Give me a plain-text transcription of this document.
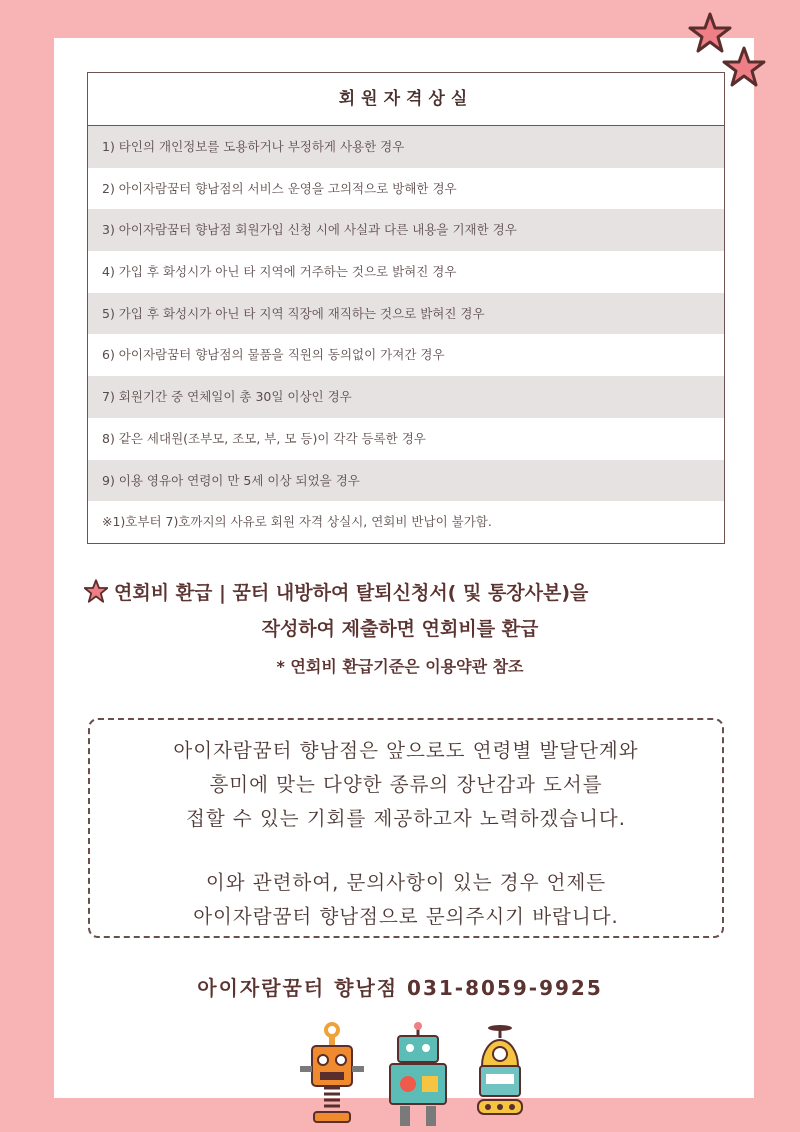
회원자격상실
1) 타인의 개인정보를 도용하거나 부정하게 사용한 경우
2) 아이자람꿈터 향남점의 서비스 운영을 고의적으로 방해한 경우
3) 아이자람꿈터 향남점 회원가입 신청 시에 사실과 다른 내용을 기재한 경우
4) 가입 후 화성시가 아닌 타 지역에 거주하는 것으로 밝혀진 경우
5) 가입 후 화성시가 아닌 타 지역 직장에 재직하는 것으로 밝혀진 경우
6) 아이자람꿈터 향남점의 물품을 직원의 동의없이 가져간 경우
7) 회원기간 중 연체일이 총 30일 이상인 경우
8) 같은 세대원(조부모, 조모, 부, 모 등)이 각각 등록한 경우
9) 이용 영유아 연령이 만 5세 이상 되었을 경우
※1)호부터 7)호까지의 사유로 회원 자격 상실시, 연회비 반납이 불가함.
연회비 환급 | 꿈터 내방하여 탈퇴신청서( 및 통장사본)을
작성하여 제출하면 연회비를 환급
* 연회비 환급기준은 이용약관 참조
아이자람꿈터 향남점은 앞으로도 연령별 발달단계와
흥미에 맞는 다양한 종류의 장난감과 도서를
접할 수 있는 기회를 제공하고자 노력하겠습니다.
이와 관련하여, 문의사항이 있는 경우 언제든
아이자람꿈터 향남점으로 문의주시기 바랍니다.
아이자람꿈터 향남점 031-8059-9925
